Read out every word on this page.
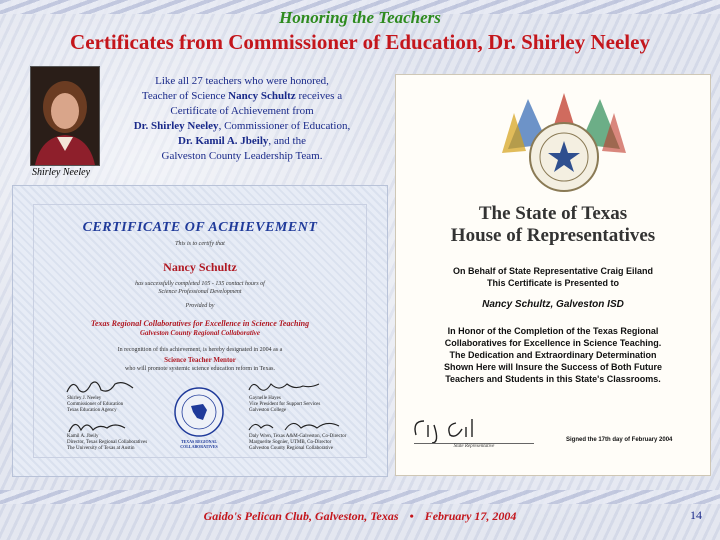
Honoring the Teachers
Certificates from Commissioner of Education, Dr. Shirley Neeley
Shirley Neeley
Like all 27 teachers who were honored,
Teacher of Science Nancy Schultz receives a
Certificate of Achievement from
Dr. Shirley Neeley, Commissioner of Education,
Dr. Kamil A. Jbeily, and the
Galveston County Leadership Team.
CERTIFICATE OF ACHIEVEMENT
This is to certify that
Nancy Schultz
has successfully completed 105 - 135 contact hours of
Science Professional Development
Provided by
Texas Regional Collaboratives for Excellence in Science Teaching
Galveston County Regional Collaborative
In recognition of this achievement, is hereby designated in 2004 as a
Science Teacher Mentor
who will promote systemic science education reform in Texas.
Shirley J. Neeley
Commissioner of Education
Texas Education Agency
Kamil A. Jbeily
Director, Texas Regional Collaboratives
The University of Texas at Austin
TEXAS REGIONAL COLLABORATIVES
Gaynelle Hayes
Vice President for Support Services
Galveston College
Daly Wren, Texas A&M-Galveston, Co-Director
Marguerite Sognier, UTMB, Co-Director
Galveston County Regional Collaborative
The State of Texas
House of Representatives
On Behalf of State Representative Craig Eiland
This Certificate is Presented to
Nancy Schultz, Galveston ISD
In Honor of the Completion of the Texas Regional
Collaboratives for Excellence in Science Teaching.
The Dedication and Extraordinary Determination
Shown Here will Insure the Success of Both Future
Teachers and Students in this State's Classrooms.
State Representative
Signed the 17th day of February 2004
Gaido's Pelican Club, Galveston, Texas • February 17, 2004	14
